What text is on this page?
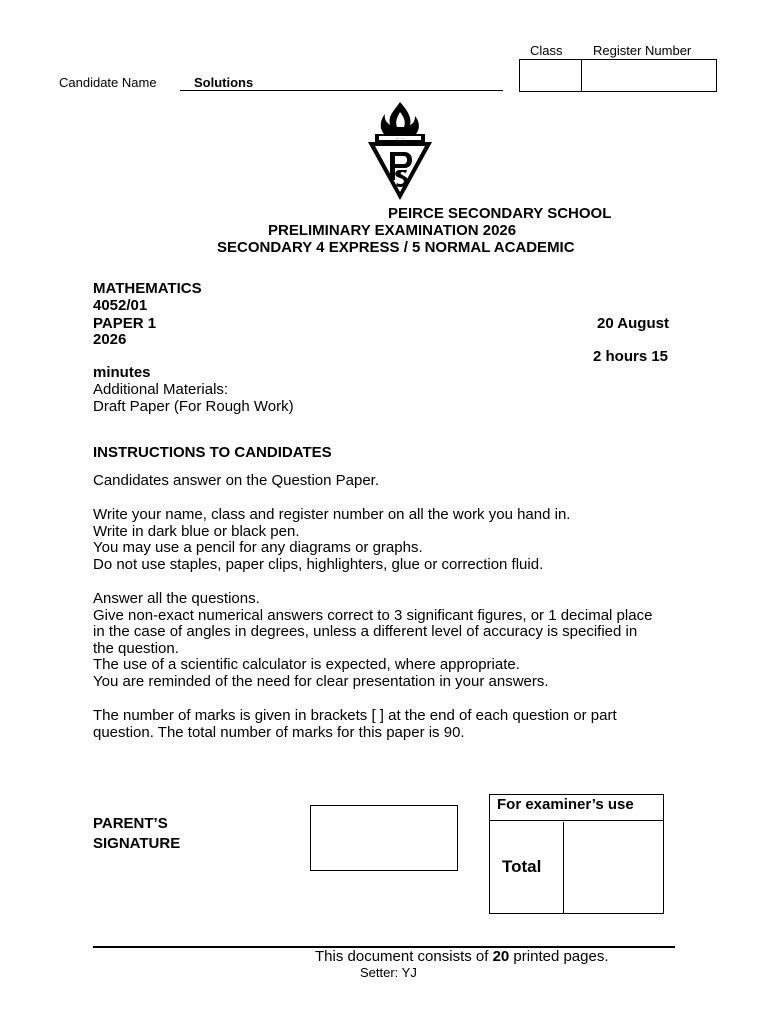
Class Register Number
Candidate Name	Solutions
· · · ·
PEIRCE SECONDARY SCHOOL
PRELIMINARY EXAMINATION 2026
SECONDARY 4 EXPRESS / 5 NORMAL ACADEMIC
MATHEMATICS
4052/01
PAPER 1	20 August
2026
2 hours 15
minutes
Additional Materials:
Draft Paper (For Rough Work)
INSTRUCTIONS TO CANDIDATES
Candidates answer on the Question Paper.
Write your name, class and register number on all the work you hand in.
Write in dark blue or black pen.
You may use a pencil for any diagrams or graphs.
Do not use staples, paper clips, highlighters, glue or correction fluid.
Answer all the questions.
Give non-exact numerical answers correct to 3 significant figures, or 1 decimal place
in the case of angles in degrees, unless a different level of accuracy is specified in
the question.
The use of a scientific calculator is expected, where appropriate.
You are reminded of the need for clear presentation in your answers.
The number of marks is given in brackets [ ] at the end of each question or part
question. The total number of marks for this paper is 90.
PARENT’S
SIGNATURE
For examiner’s use
Total
This document consists of 20 printed pages.
Setter: YJ
